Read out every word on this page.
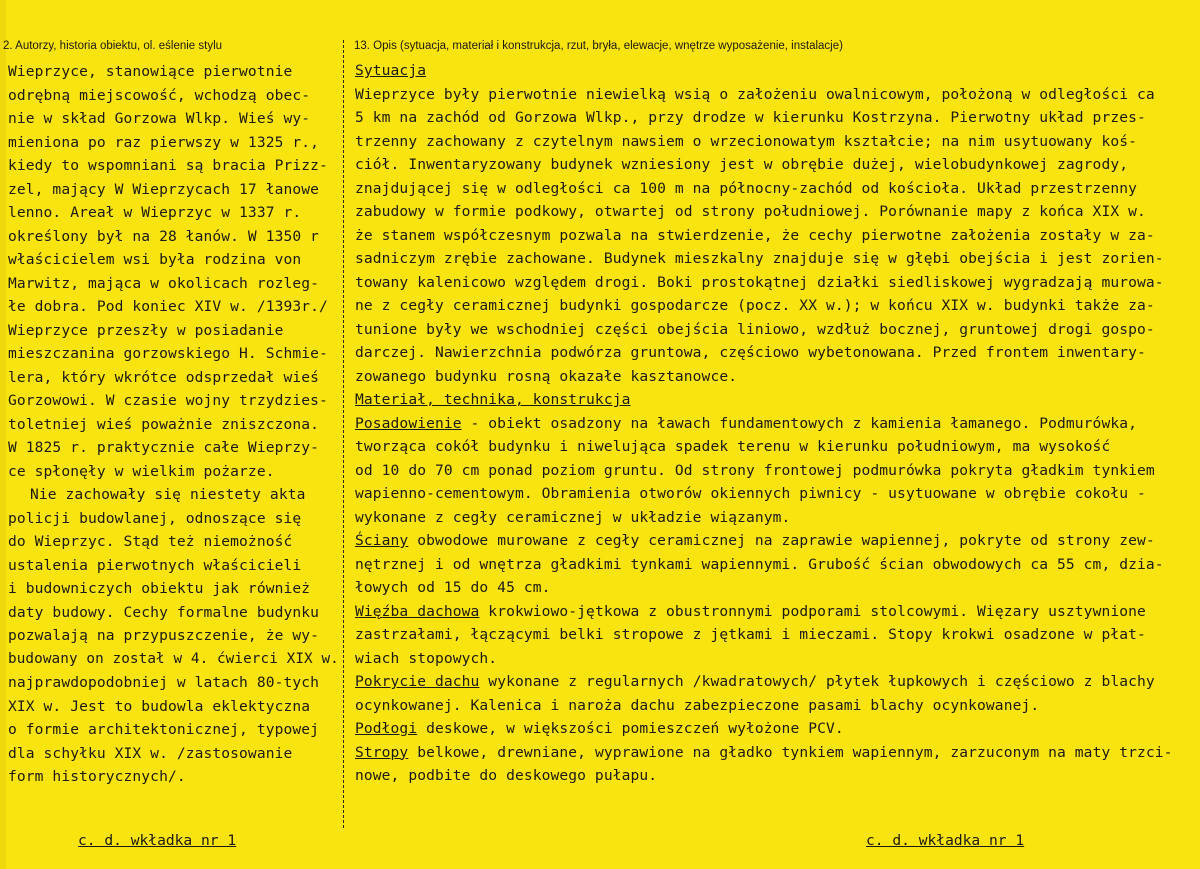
2. Autorzy, historia obiektu, ol. eślenie stylu	13. Opis (sytuacja, materiał i konstrukcja, rzut, bryła, elewacje, wnętrze wyposażenie, instalacje)
Wieprzyce, stanowiące pierwotnie
odrębną miejscowość, wchodzą obec-
nie w skład Gorzowa Wlkp. Wieś wy-
mieniona po raz pierwszy w 1325 r.,
kiedy to wspomniani są bracia Prizz-
zel, mający W Wieprzycach 17 łanowe
lenno. Areał w Wieprzyc w 1337 r.
określony był na 28 łanów. W 1350 r
właścicielem wsi była rodzina von
Marwitz, mająca w okolicach rozleg-
łe dobra. Pod koniec XIV w. /1393r./
Wieprzyce przeszły w posiadanie
mieszczanina gorzowskiego H. Schmie-
lera, który wkrótce odsprzedał wieś
Gorzowowi. W czasie wojny trzydzies-
toletniej wieś poważnie zniszczona.
W 1825 r. praktycznie całe Wieprzy-
ce spłonęły w wielkim pożarze.
Nie zachowały się niestety akta
policji budowlanej, odnoszące się
do Wieprzyc. Stąd też niemożność
ustalenia pierwotnych właścicieli
i budowniczych obiektu jak również
daty budowy. Cechy formalne budynku
pozwalają na przypuszczenie, że wy-
budowany on został w 4. ćwierci XIX w.
najprawdopodobniej w latach 80-tych
XIX w. Jest to budowla eklektyczna
o formie architektonicznej, typowej
dla schyłku XIX w. /zastosowanie
form historycznych/.
Sytuacja
Wieprzyce były pierwotnie niewielką wsią o założeniu owalnicowym, położoną w odległości ca
5 km na zachód od Gorzowa Wlkp., przy drodze w kierunku Kostrzyna. Pierwotny układ przes-
trzenny zachowany z czytelnym nawsiem o wrzecionowatym kształcie; na nim usytuowany koś-
ciół. Inwentaryzowany budynek wzniesiony jest w obrębie dużej, wielobudynkowej zagrody,
znajdującej się w odległości ca 100 m na północny-zachód od kościoła. Układ przestrzenny
zabudowy w formie podkowy, otwartej od strony południowej. Porównanie mapy z końca XIX w.
że stanem współczesnym pozwala na stwierdzenie, że cechy pierwotne założenia zostały w za-
sadniczym zrębie zachowane. Budynek mieszkalny znajduje się w głębi obejścia i jest zorien-
towany kalenicowo względem drogi. Boki prostokątnej działki siedliskowej wygradzają murowa-
ne z cegły ceramicznej budynki gospodarcze (pocz. XX w.); w końcu XIX w. budynki także za-
tunione były we wschodniej części obejścia liniowo, wzdłuż bocznej, gruntowej drogi gospo-
darczej. Nawierzchnia podwórza gruntowa, częściowo wybetonowana. Przed frontem inwentary-
zowanego budynku rosną okazałe kasztanowce.
Materiał, technika, konstrukcja
Posadowienie - obiekt osadzony na ławach fundamentowych z kamienia łamanego. Podmurówka,
tworząca cokół budynku i niwelująca spadek terenu w kierunku południowym, ma wysokość
od 10 do 70 cm ponad poziom gruntu. Od strony frontowej podmurówka pokryta gładkim tynkiem
wapienno-cementowym. Obramienia otworów okiennych piwnicy - usytuowane w obrębie cokołu -
wykonane z cegły ceramicznej w układzie wiązanym.
Ściany obwodowe murowane z cegły ceramicznej na zaprawie wapiennej, pokryte od strony zew-
nętrznej i od wnętrza gładkimi tynkami wapiennymi. Grubość ścian obwodowych ca 55 cm, dzia-
łowych od 15 do 45 cm.
Więźba dachowa krokwiowo-jętkowa z obustronnymi podporami stolcowymi. Więzary usztywnione
zastrzałami, łączącymi belki stropowe z jętkami i mieczami. Stopy krokwi osadzone w płat-
wiach stopowych.
Pokrycie dachu wykonane z regularnych /kwadratowych/ płytek łupkowych i częściowo z blachy
ocynkowanej. Kalenica i naroża dachu zabezpieczone pasami blachy ocynkowanej.
Podłogi deskowe, w większości pomieszczeń wyłożone PCV.
Stropy belkowe, drewniane, wyprawione na gładko tynkiem wapiennym, zarzuconym na maty trzci-
nowe, podbite do deskowego pułapu.
c. d. wkładka nr 1	c. d. wkładka nr 1
